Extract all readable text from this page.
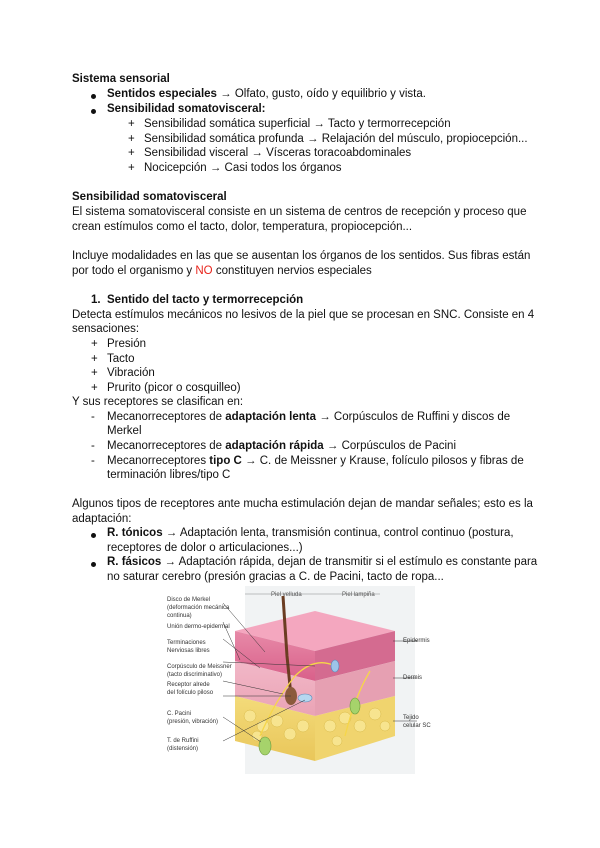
Sistema sensorial
Sentidos especiales → Olfato, gusto, oído y equilibrio y vista.
Sensibilidad somatovisceral:
+ Sensibilidad somática superficial → Tacto y termorrecepción
+ Sensibilidad somática profunda → Relajación del músculo, propiocepción...
+ Sensibilidad visceral → Vísceras toracoabdominales
+ Nocicepción → Casi todos los órganos
Sensibilidad somatovisceral
El sistema somatovisceral consiste en un sistema de centros de recepción y proceso que
crean estímulos como el tacto, dolor, temperatura, propiocepción...
Incluye modalidades en las que se ausentan los órganos de los sentidos. Sus fibras están
por todo el organismo y NO constituyen nervios especiales
1. Sentido del tacto y termorrecepción
Detecta estímulos mecánicos no lesivos de la piel que se procesan en SNC. Consiste en 4
sensaciones:
+ Presión
+ Tacto
+ Vibración
+ Prurito (picor o cosquilleo)
Y sus receptores se clasifican en:
- Mecanorreceptores de adaptación lenta → Corpúsculos de Ruffini y discos de
Merkel
- Mecanorreceptores de adaptación rápida → Corpúsculos de Pacini
- Mecanorreceptores tipo C → C. de Meissner y Krause, folículo pilosos y fibras de
terminación libres/tipo C
Algunos tipos de receptores ante mucha estimulación dejan de mandar señales; esto es la
adaptación:
R. tónicos → Adaptación lenta, transmisión continua, control continuo (postura,
receptores de dolor o articulaciones...)
R. fásicos → Adaptación rápida, dejan de transmitir si el estímulo es constante para
no saturar cerebro (presión gracias a C. de Pacini, tacto de ropa...
Piel velluda	Piel lampiña
Disco de Merkel
(deformación mecánica
continua)
Unión dermo-epidermal
Terminaciones
Nerviosas libres
Corpúsculo de Meissner
(tacto discriminativo)
Receptor alrede
del folículo piloso
C. Pacini
(presión, vibración)
T. de Ruffini
(distensión)
Epidermis
Dermis
Tejido
celular SC
